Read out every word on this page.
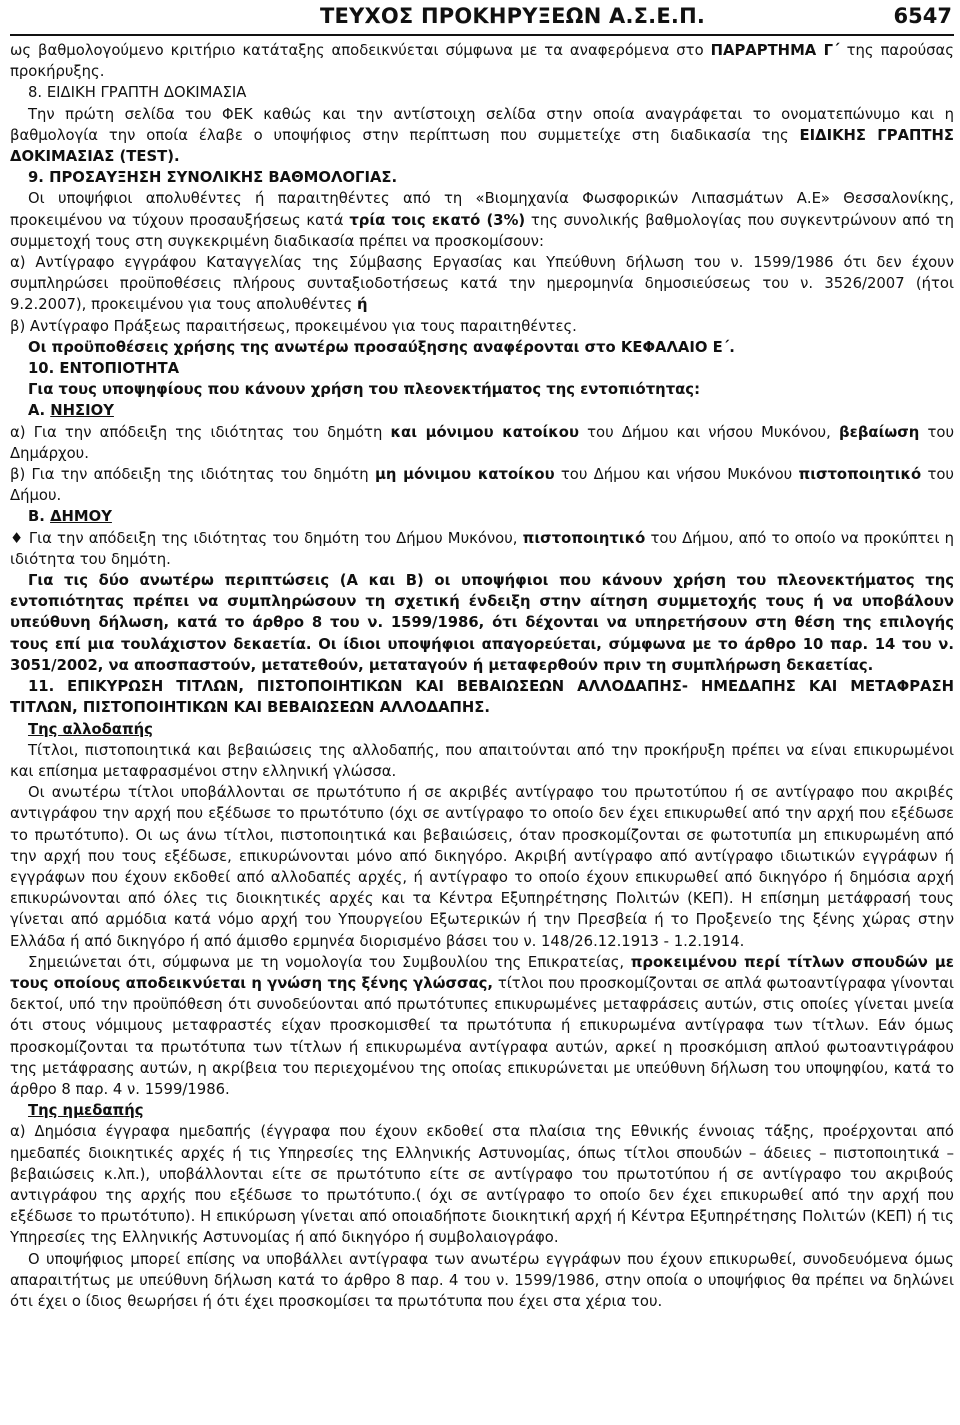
ΤΕΥΧΟΣ ΠΡΟΚΗΡΥΞΕΩΝ Α.Σ.Ε.Π.	6547

ως βαθμολογούμενο κριτήριο κατάταξης αποδεικνύεται σύμφωνα με τα αναφερόμενα στο ΠΑΡΑΡΤΗΜΑ Γ΄ της παρούσας προκήρυξης.

8. ΕΙΔΙΚΗ ΓΡΑΠΤΗ ΔΟΚΙΜΑΣΙΑ

Την πρώτη σελίδα του ΦΕΚ καθώς και την αντίστοιχη σελίδα στην οποία αναγράφεται το ονοματεπώνυμο και η βαθμολογία την οποία έλαβε ο υποψήφιος στην περίπτωση που συμμετείχε στη διαδικασία της ΕΙΔΙΚΗΣ ΓΡΑΠΤΗΣ ΔΟΚΙΜΑΣΙΑΣ (TEST).

9. ΠΡΟΣΑΥΞΗΣΗ ΣΥΝΟΛΙΚΗΣ ΒΑΘΜΟΛΟΓΙΑΣ.

Οι υποψήφιοι απολυθέντες ή παραιτηθέντες από τη «Βιομηχανία Φωσφορικών Λιπασμάτων Α.Ε» Θεσσαλονίκης, προκειμένου να τύχουν προσαυξήσεως κατά τρία τοις εκατό (3%) της συνολικής βαθμολογίας που συγκεντρώνουν από τη συμμετοχή τους στη συγκεκριμένη διαδικασία πρέπει να προσκομίσουν:

α) Αντίγραφο εγγράφου Καταγγελίας της Σύμβασης Εργασίας και Υπεύθυνη δήλωση του ν. 1599/1986 ότι δεν έχουν συμπληρώσει προϋποθέσεις πλήρους συνταξιοδοτήσεως κατά την ημερομηνία δημοσιεύσεως του ν. 3526/2007 (ήτοι 9.2.2007), προκειμένου για τους απολυθέντες ή

β) Αντίγραφο Πράξεως παραιτήσεως, προκειμένου για τους παραιτηθέντες.

Οι προϋποθέσεις χρήσης της ανωτέρω προσαύξησης αναφέρονται στο ΚΕΦΑΛΑΙΟ Ε΄.

10. ΕΝΤΟΠΙΟΤΗΤΑ

Για τους υποψηφίους που κάνουν χρήση του πλεονεκτήματος της εντοπιότητας:

Α. ΝΗΣΙΟΥ

α) Για την απόδειξη της ιδιότητας του δημότη και μόνιμου κατοίκου του Δήμου και νήσου Μυκόνου, βεβαίωση του Δημάρχου.

β) Για την απόδειξη της ιδιότητας του δημότη μη μόνιμου κατοίκου του Δήμου και νήσου Μυκόνου πιστοποιητικό του Δήμου.

Β. ΔΗΜΟΥ

♦ Για την απόδειξη της ιδιότητας του δημότη του Δήμου Μυκόνου, πιστοποιητικό του Δήμου, από το οποίο να προκύπτει η ιδιότητα του δημότη.

Για τις δύο ανωτέρω περιπτώσεις (Α και Β) οι υποψήφιοι που κάνουν χρήση του πλεονεκτήματος της εντοπιότητας πρέπει να συμπληρώσουν τη σχετική ένδειξη στην αίτηση συμμετοχής τους ή να υποβάλουν υπεύθυνη δήλωση, κατά το άρθρο 8 του ν. 1599/1986, ότι δέχονται να υπηρετήσουν στη θέση της επιλογής τους επί μια τουλάχιστον δεκαετία. Οι ίδιοι υποψήφιοι απαγορεύεται, σύμφωνα με το άρθρο 10 παρ. 14 του ν. 3051/2002, να αποσπαστούν, μετατεθούν, μεταταγούν ή μεταφερθούν πριν τη συμπλήρωση δεκαετίας.

11. ΕΠΙΚΥΡΩΣΗ ΤΙΤΛΩΝ, ΠΙΣΤΟΠΟΙΗΤΙΚΩΝ ΚΑΙ ΒΕΒΑΙΩΣΕΩΝ ΑΛΛΟΔΑΠΗΣ- ΗΜΕΔΑΠΗΣ ΚΑΙ ΜΕΤΑΦΡΑΣΗ ΤΙΤΛΩΝ, ΠΙΣΤΟΠΟΙΗΤΙΚΩΝ ΚΑΙ ΒΕΒΑΙΩΣΕΩΝ ΑΛΛΟΔΑΠΗΣ.

Της αλλοδαπής

Τίτλοι, πιστοποιητικά και βεβαιώσεις της αλλοδαπής, που απαιτούνται από την προκήρυξη πρέπει να είναι επικυρωμένοι και επίσημα μεταφρασμένοι στην ελληνική γλώσσα.

Οι ανωτέρω τίτλοι υποβάλλονται σε πρωτότυπο ή σε ακριβές αντίγραφο του πρωτοτύπου ή σε αντίγραφο που ακριβές αντιγράφου την αρχή που εξέδωσε το πρωτότυπο (όχι σε αντίγραφο το οποίο δεν έχει επικυρωθεί από την αρχή που εξέδωσε το πρωτότυπο). Οι ως άνω τίτλοι, πιστοποιητικά και βεβαιώσεις, όταν προσκομίζονται σε φωτοτυπία μη επικυρωμένη από την αρχή που τους εξέδωσε, επικυρώνονται μόνο από δικηγόρο. Ακριβή αντίγραφο από αντίγραφο ιδιωτικών εγγράφων ή εγγράφων που έχουν εκδοθεί από αλλοδαπές αρχές, ή αντίγραφο το οποίο έχουν επικυρωθεί από δικηγόρο ή δημόσια αρχή επικυρώνονται από όλες τις διοικητικές αρχές και τα Κέντρα Εξυπηρέτησης Πολιτών (ΚΕΠ). Η επίσημη μετάφρασή τους γίνεται από αρμόδια κατά νόμο αρχή του Υπουργείου Εξωτερικών ή την Πρεσβεία ή το Προξενείο της ξένης χώρας στην Ελλάδα ή από δικηγόρο ή από άμισθο ερμηνέα διορισμένο βάσει του ν. 148/26.12.1913 - 1.2.1914.

Σημειώνεται ότι, σύμφωνα με τη νομολογία του Συμβουλίου της Επικρατείας, προκειμένου περί τίτλων σπουδών με τους οποίους αποδεικνύεται η γνώση της ξένης γλώσσας, τίτλοι που προσκομίζονται σε απλά φωτοαντίγραφα γίνονται δεκτοί, υπό την προϋπόθεση ότι συνοδεύονται από πρωτότυπες επικυρωμένες μεταφράσεις αυτών, στις οποίες γίνεται μνεία ότι στους νόμιμους μεταφραστές είχαν προσκομισθεί τα πρωτότυπα ή επικυρωμένα αντίγραφα των τίτλων. Εάν όμως προσκομίζονται τα πρωτότυπα των τίτλων ή επικυρωμένα αντίγραφα αυτών, αρκεί η προσκόμιση απλού φωτοαντιγράφου της μετάφρασης αυτών, η ακρίβεια του περιεχομένου της οποίας επικυρώνεται με υπεύθυνη δήλωση του υποψηφίου, κατά το άρθρο 8 παρ. 4 ν. 1599/1986.

Της ημεδαπής

α) Δημόσια έγγραφα ημεδαπής (έγγραφα που έχουν εκδοθεί στα πλαίσια της Εθνικής έννοιας τάξης, προέρχονται από ημεδαπές διοικητικές αρχές ή τις Υπηρεσίες της Ελληνικής Αστυνομίας, όπως τίτλοι σπουδών – άδειες – πιστοποιητικά – βεβαιώσεις κ.λπ.), υποβάλλονται είτε σε πρωτότυπο είτε σε αντίγραφο του πρωτοτύπου ή σε αντίγραφο του ακριβούς αντιγράφου της αρχής που εξέδωσε το πρωτότυπο.( όχι σε αντίγραφο το οποίο δεν έχει επικυρωθεί από την αρχή που εξέδωσε το πρωτότυπο). Η επικύρωση γίνεται από οποιαδήποτε διοικητική αρχή ή Κέντρα Εξυπηρέτησης Πολιτών (ΚΕΠ) ή τις Υπηρεσίες της Ελληνικής Αστυνομίας ή από δικηγόρο ή συμβολαιογράφο.

Ο υποψήφιος μπορεί επίσης να υποβάλλει αντίγραφα των ανωτέρω εγγράφων που έχουν επικυρωθεί, συνοδευόμενα όμως απαραιτήτως με υπεύθυνη δήλωση κατά το άρθρο 8 παρ. 4 του ν. 1599/1986, στην οποία ο υποψήφιος θα πρέπει να δηλώνει ότι έχει ο ίδιος θεωρήσει ή ότι έχει προσκομίσει τα πρωτότυπα που έχει στα χέρια του.
